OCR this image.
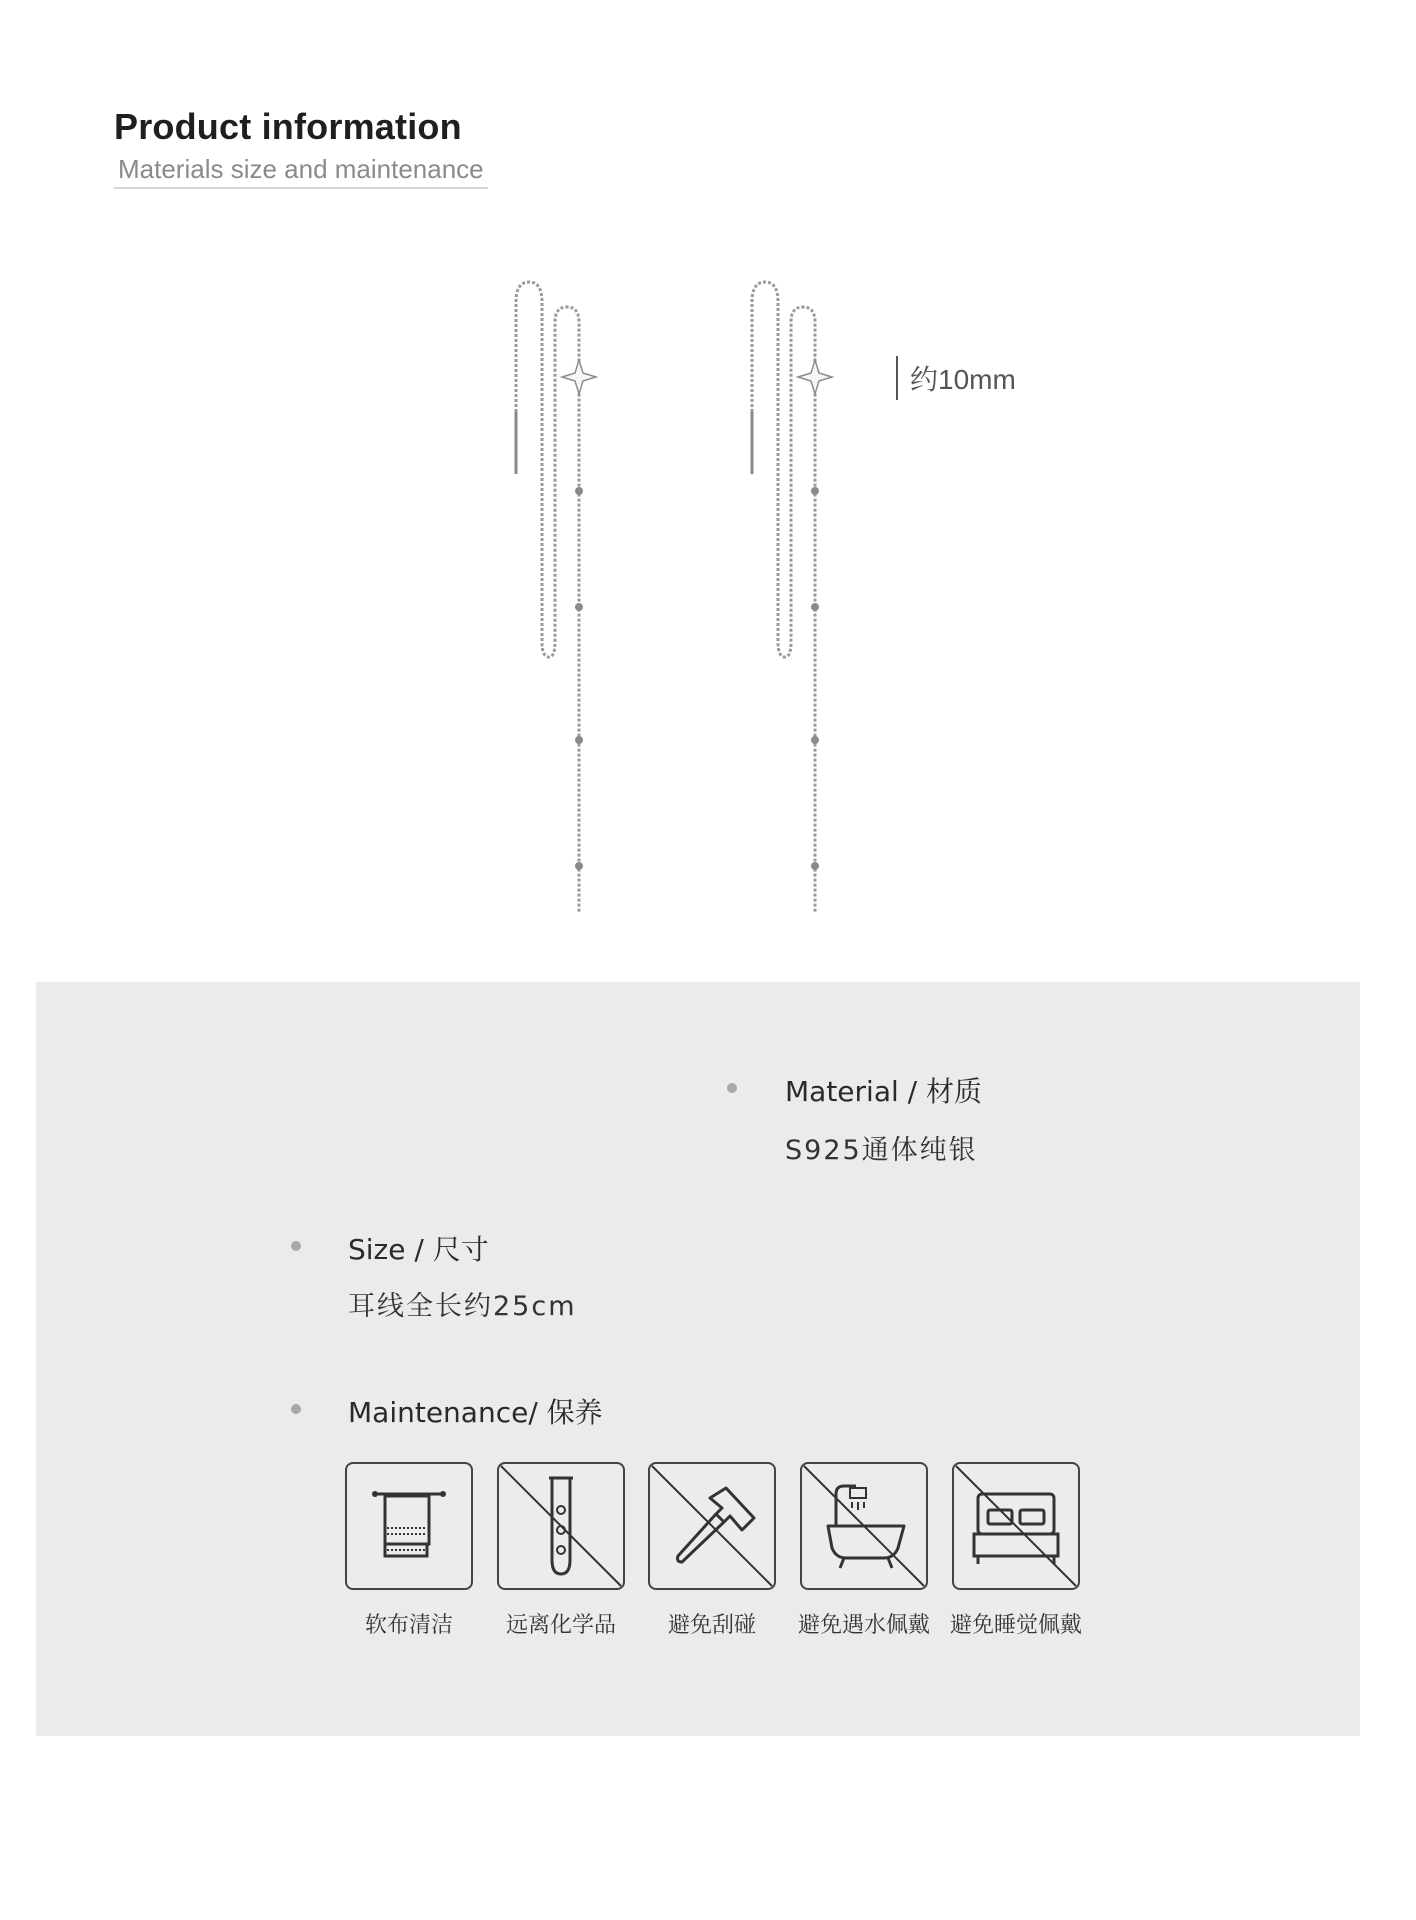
Product information
Materials size and maintenance
约10mm
Material / 材质
S925通体纯银
Size / 尺寸
耳线全长约25cm
Maintenance/ 保养
软布清洁	远离化学品	避免刮碰	避免遇水佩戴 避免睡觉佩戴
